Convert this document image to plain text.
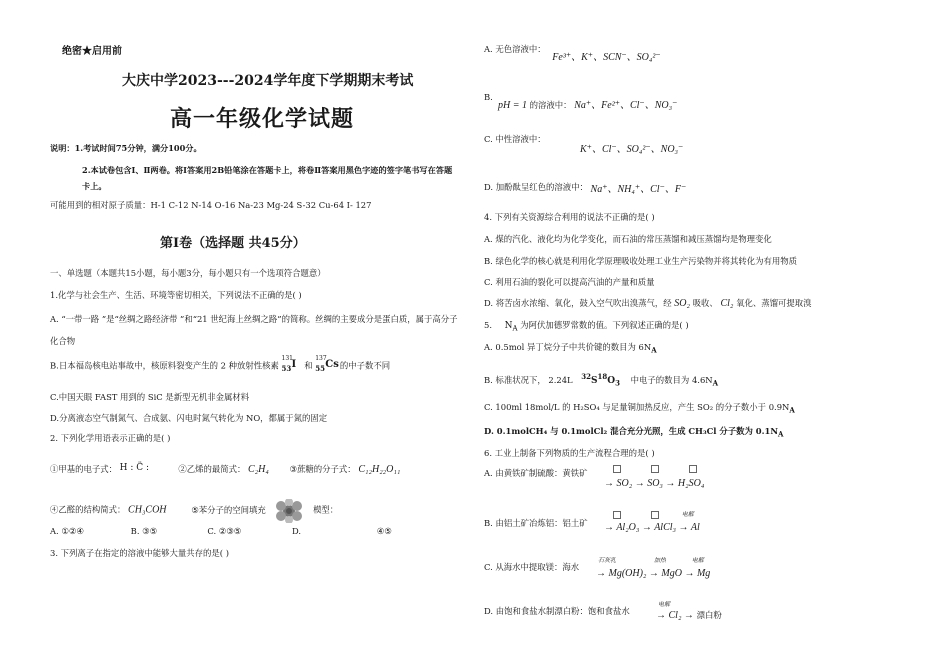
绝密★启用前
大庆中学2023---2024学年度下学期期末考试
高一年级化学试题
说明：1.考试时间75分钟，满分100分。
2.本试卷包含Ⅰ、Ⅱ两卷。将Ⅰ答案用2B铅笔涂在答题卡上，将卷Ⅱ答案用黑色字迹的签字笔书写在答题卡上。
可能用到的相对原子质量：H-1 C-12 N-14 O-16 Na-23 Mg-24 S-32 Cu-64 I- 127
第Ⅰ卷（选择题 共45分）
一、单选题（本题共15小题，每小题3分，每小题只有一个选项符合题意）
1.化学与社会生产、生活、环境等密切相关，下列说法不正确的是( )
A. “一带一路 ”是“丝绸之路经济带 ”和“21 世纪海上丝绸之路”的简称。丝绸的主要成分是蛋白质，属于高分子化合物
B.日本福岛核电站事故中，核原料裂变产生的 2 种放射性核素
131
53 I 和
137
55 Cs 的中子数不同
C.中国天眼 FAST 用到的 SiC 是新型无机非金属材料
D.分离液态空气制氮气、合成氨、闪电时氮气转化为 NO，都属于氮的固定
2. 下列化学用语表示正确的是( )
①甲基的电子式： H : C̈ :	②乙烯的最简式： C₂H₄ ③蔗糖的分子式： C₁₂H₂₂O₁₁
④乙醛的结构简式： CH₃COH	⑤苯分子的空间填充	模型：
A. ①②④	B. ③⑤	C. ②③⑤	D.	④⑤
3. 下列离子在指定的溶液中能够大量共存的是( )
A. 无色溶液中： Fe³⁺、K⁺、SCN⁻、SO₄²⁻
B.
pH = 1 的溶液中： Na⁺、Fe²⁺、Cl⁻、NO₃⁻
C. 中性溶液中：
K⁺、Cl⁻、SO₄²⁻、NO₃⁻
D. 加酚酞呈红色的溶液中： Na⁺、NH₄⁺、Cl⁻、F⁻
4. 下列有关资源综合利用的说法不正确的是( )
A. 煤的汽化、液化均为化学变化，而石油的常压蒸馏和减压蒸馏均是物理变化
B. 绿色化学的核心就是利用化学原理吸收处理工业生产污染物并将其转化为有用物质
C. 利用石油的裂化可以提高汽油的产量和质量
D. 将苦卤水浓缩、氧化，鼓入空气吹出溴蒸气，经 SO₂ 吸收、 Cl₂ 氧化、蒸馏可提取溴
5. $N_A$ 为阿伏加德罗常数的值。下列叙述正确的是( )
A. 0.5mol 异丁烷分子中共价键的数目为 $6N_A$
B. 标准状况下， 2.24L $^{32}S^{18}O_3$ 中电子的数目为 $4.6N_A$
C. 100ml 18mol/L 的 H₂SO₄ 与足量铜加热反应，产生 SO₂ 的分子数小于 $0.9N_A$
D. 0.1molCH₄ 与 0.1molCl₂ 混合充分光照，生成 CH₃Cl 分子数为 $0.1N_A$
6. 工业上制备下列物质的生产流程合理的是( )
A. 由黄铁矿制硫酸：黄铁矿

→ SO₂ → SO₃ → H₂SO₄
B. 由铝土矿冶炼铝：铝土矿
电解
→ Al₂O₃ → AlCl₃ → Al
C. 从海水中提取镁：海水
石灰乳	加热	电解
→ Mg(OH)₂ → MgO → Mg
D. 由饱和食盐水制漂白粉：饱和食盐水
电解
→ Cl₂ → 漂白粉
